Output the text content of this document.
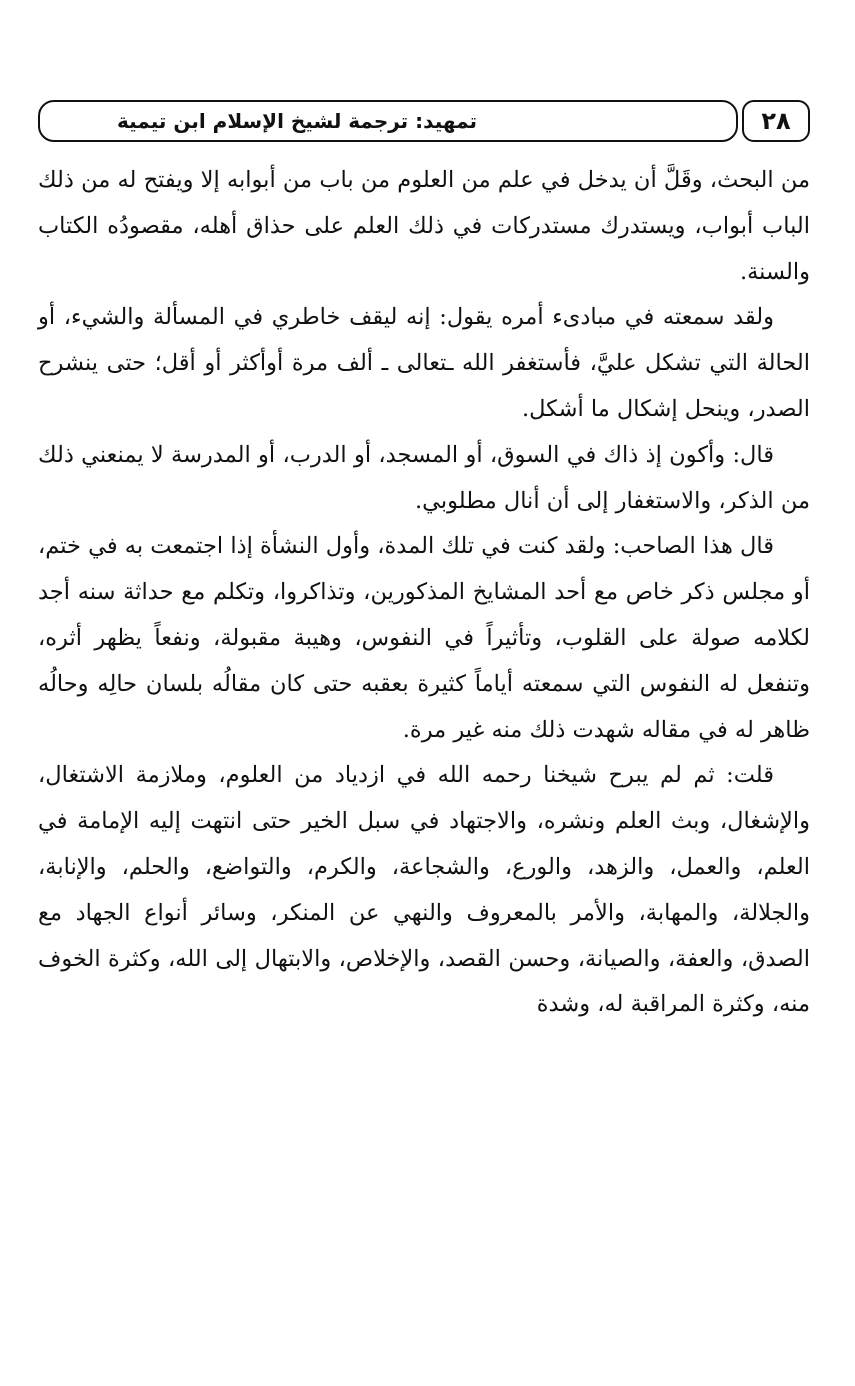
تمهيد: ترجمة لشيخ الإسلام ابن تيمية	٢٨

من البحث، وقَلَّ أن يدخل في علم من العلوم من باب من أبوابه إلا ويفتح له من ذلك الباب أبواب، ويستدرك مستدركات في ذلك العلم على حذاق أهله، مقصودُه الكتاب والسنة.

ولقد سمعته في مبادىء أمره يقول: إنه ليقف خاطري في المسألة والشيء، أو الحالة التي تشكل عليَّ، فأستغفر الله ـتعالى ـ ألف مرة أوأكثر أو أقل؛ حتى ينشرح الصدر، وينحل إشكال ما أشكل.

قال: وأكون إذ ذاك في السوق، أو المسجد، أو الدرب، أو المدرسة لا يمنعني ذلك من الذكر، والاستغفار إلى أن أنال مطلوبي.

قال هذا الصاحب: ولقد كنت في تلك المدة، وأول النشأة إذا اجتمعت به في ختم، أو مجلس ذكر خاص مع أحد المشايخ المذكورين، وتذاكروا، وتكلم مع حداثة سنه أجد لكلامه صولة على القلوب، وتأثيراً في النفوس، وهيبة مقبولة، ونفعاً يظهر أثره، وتنفعل له النفوس التي سمعته أياماً كثيرة بعقبه حتى كان مقالُه بلسان حالِه وحالُه ظاهر له في مقاله شهدت ذلك منه غير مرة.

قلت: ثم لم يبرح شيخنا رحمه الله في ازدياد من العلوم، وملازمة الاشتغال، والإشغال، وبث العلم ونشره، والاجتهاد في سبل الخير حتى انتهت إليه الإمامة في العلم، والعمل، والزهد، والورع، والشجاعة، والكرم، والتواضع، والحلم، والإنابة، والجلالة، والمهابة، والأمر بالمعروف والنهي عن المنكر، وسائر أنواع الجهاد مع الصدق، والعفة، والصيانة، وحسن القصد، والإخلاص، والابتهال إلى الله، وكثرة الخوف منه، وكثرة المراقبة له، وشدة
